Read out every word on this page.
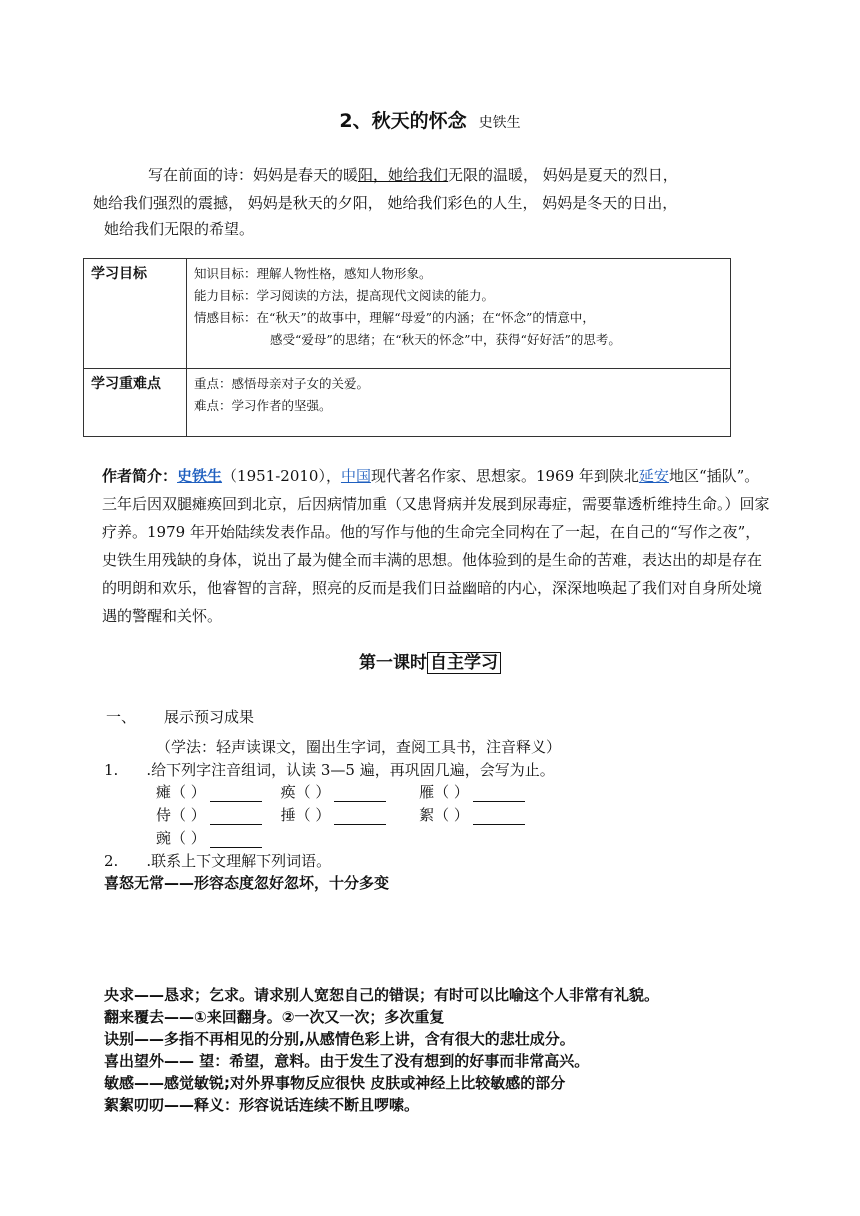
2、秋天的怀念 史铁生
写在前面的诗：妈妈是春天的暖阳，她给我们无限的温暖， 妈妈是夏天的烈日，
她给我们强烈的震撼， 妈妈是秋天的夕阳， 她给我们彩色的人生， 妈妈是冬天的日出，
她给我们无限的希望。
学习目标	知识目标：理解人物性格，感知人物形象。
能力目标：学习阅读的方法，提高现代文阅读的能力。
情感目标：在“秋天”的故事中，理解“母爱”的内涵；在“怀念”的情意中，
感受“爱母”的思绪；在“秋天的怀念”中，获得“好好活”的思考。

学习重难点	重点：感悟母亲对子女的关爱。
难点：学习作者的坚强。
作者简介：史铁生（1951-2010），中国现代著名作家、思想家。1969 年到陕北延安地区“插队”。三年后因双腿瘫痪回到北京，后因病情加重（又患肾病并发展到尿毒症，需要靠透析维持生命。）回家疗养。1979 年开始陆续发表作品。他的写作与他的生命完全同构在了一起，在自己的“写作之夜”，史铁生用残缺的身体，说出了最为健全而丰满的思想。他体验到的是生命的苦难，表达出的却是存在的明朗和欢乐，他睿智的言辞，照亮的反而是我们日益幽暗的内心，深深地唤起了我们对自身所处境遇的警醒和关怀。
第一课时 自主学习
一、 展示预习成果
（学法：轻声读课文，圈出生字词，查阅工具书，注音释义）
1. .给下列字注音组词，认读 3—5 遍，再巩固几遍，会写为止。
瘫（ ）	痪（ ）	雁（ ）
侍（ ）	捶（ ）	絮（ ）
豌（ ）
2. .联系上下文理解下列词语。
喜怒无常——形容态度忽好忽坏，十分多变
央求——恳求；乞求。请求别人宽恕自己的错误；有时可以比喻这个人非常有礼貌。
翻来覆去——①来回翻身。②一次又一次；多次重复
诀别——多指不再相见的分别,从感情色彩上讲，含有很大的悲壮成分。
喜出望外—— 望：希望，意料。由于发生了没有想到的好事而非常高兴。
敏感——感觉敏锐;对外界事物反应很快 皮肤或神经上比较敏感的部分
絮絮叨叨——释义：形容说话连续不断且啰嗦。
